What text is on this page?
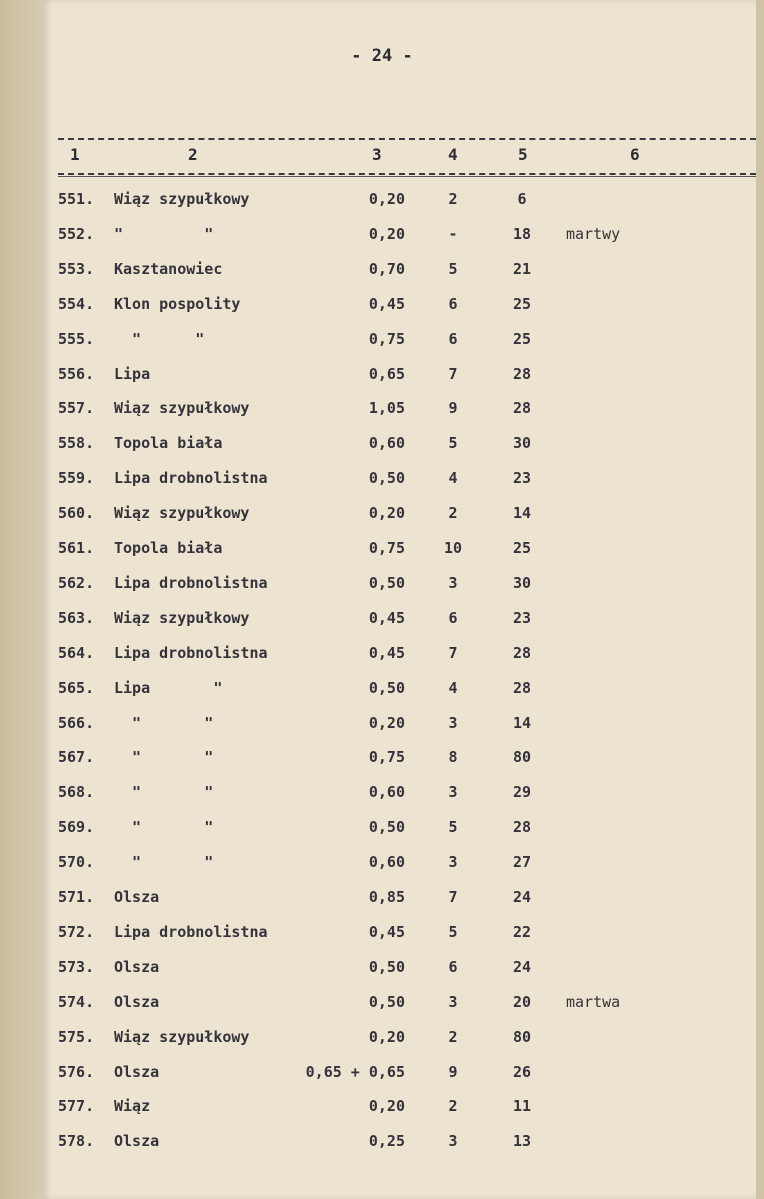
- 24 -
1	2	3	4	5	6
551. Wiąz szypułkowy	0,20	2	6
552. "         "	0,20	-	18	martwy
553. Kasztanowiec	0,70	5	21
554. Klon pospolity	0,45	6	25
555. "      "	0,75	6	25
556. Lipa	0,65	7	28
557. Wiąz szypułkowy	1,05	9	28
558. Topola biała	0,60	5	30
559. Lipa drobnolistna	0,50	4	23
560. Wiąz szypułkowy	0,20	2	14
561. Topola biała	0,75	10	25
562. Lipa drobnolistna	0,50	3	30
563. Wiąz szypułkowy	0,45	6	23
564. Lipa drobnolistna	0,45	7	28
565. Lipa       "	0,50	4	28
566. "       "	0,20	3	14
567. "       "	0,75	8	80
568. "       "	0,60	3	29
569. "       "	0,50	5	28
570. "       "	0,60	3	27
571. Olsza	0,85	7	24
572. Lipa drobnolistna	0,45	5	22
573. Olsza	0,50	6	24
574. Olsza	0,50	3	20	martwa
575. Wiąz szypułkowy	0,20	2	80
576. Olsza	0,65 + 0,65	9	26
577. Wiąz	0,20	2	11
578. Olsza	0,25	3	13
